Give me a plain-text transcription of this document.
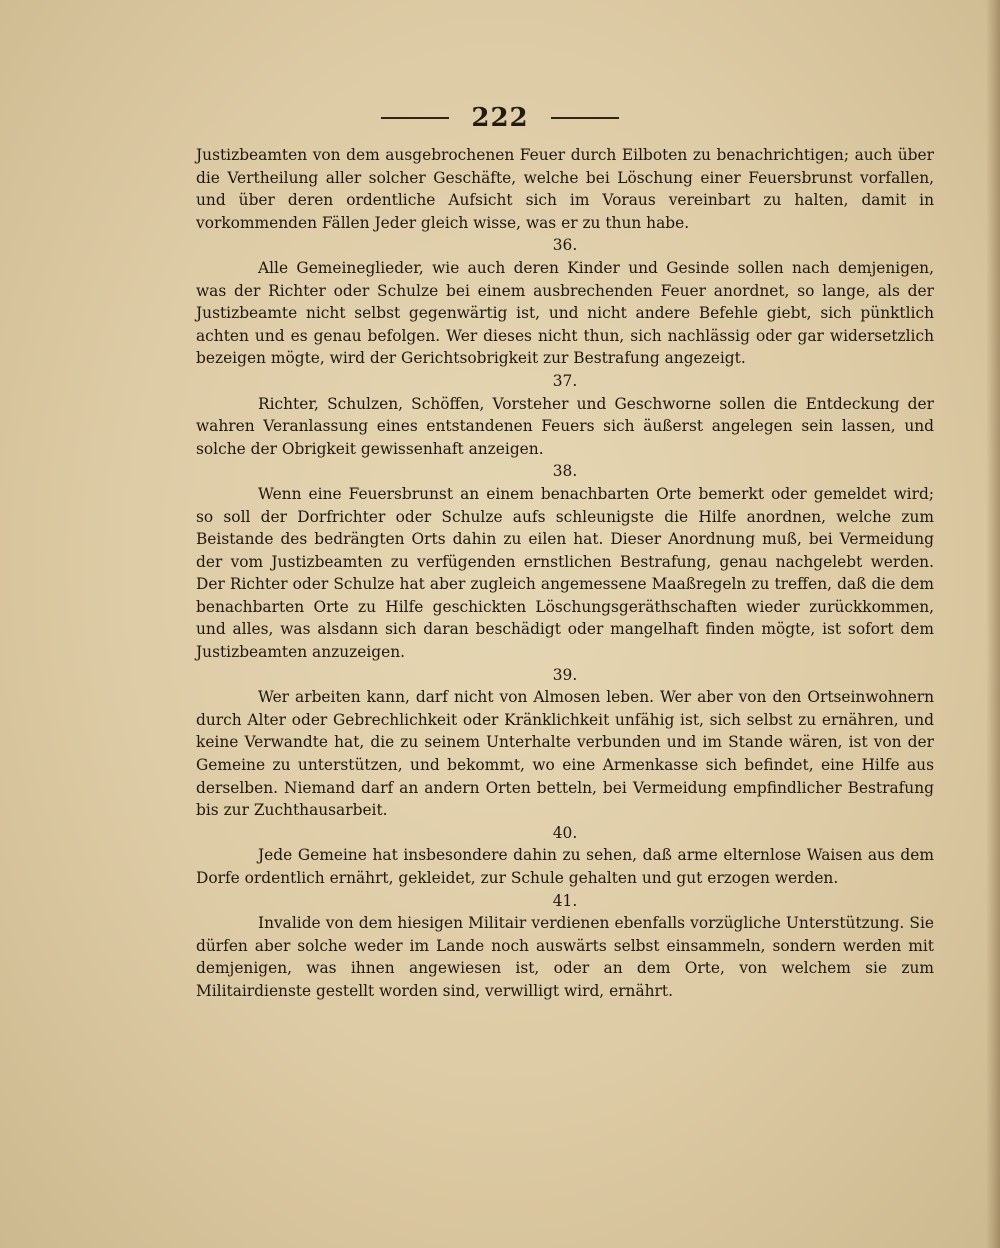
222

Justizbeamten von dem ausgebrochenen Feuer durch Eilboten zu benachrichtigen; auch über die Vertheilung aller solcher Geschäfte, welche bei Löschung einer Feuersbrunst vorfallen, und über deren ordentliche Aufsicht sich im Voraus vereinbart zu halten, damit in vorkommenden Fällen Jeder gleich wisse, was er zu thun habe.

36.

Alle Gemeineglieder, wie auch deren Kinder und Gesinde sollen nach demjenigen, was der Richter oder Schulze bei einem ausbrechenden Feuer anordnet, so lange, als der Justizbeamte nicht selbst gegenwärtig ist, und nicht andere Befehle giebt, sich pünktlich achten und es genau befolgen. Wer dieses nicht thun, sich nachlässig oder gar widersetzlich bezeigen mögte, wird der Gerichtsobrigkeit zur Bestrafung angezeigt.

37.

Richter, Schulzen, Schöffen, Vorsteher und Geschworne sollen die Entdeckung der wahren Veranlassung eines entstandenen Feuers sich äußerst angelegen sein lassen, und solche der Obrigkeit gewissenhaft anzeigen.

38.

Wenn eine Feuersbrunst an einem benachbarten Orte bemerkt oder gemeldet wird; so soll der Dorfrichter oder Schulze aufs schleunigste die Hilfe anordnen, welche zum Beistande des bedrängten Orts dahin zu eilen hat. Dieser Anordnung muß, bei Vermeidung der vom Justizbeamten zu verfügenden ernstlichen Bestrafung, genau nachgelebt werden. Der Richter oder Schulze hat aber zugleich angemessene Maaßregeln zu treffen, daß die dem benachbarten Orte zu Hilfe geschickten Löschungsgeräthschaften wieder zurückkommen, und alles, was alsdann sich daran beschädigt oder mangelhaft finden mögte, ist sofort dem Justizbeamten anzuzeigen.

39.

Wer arbeiten kann, darf nicht von Almosen leben. Wer aber von den Ortseinwohnern durch Alter oder Gebrechlichkeit oder Kränklichkeit unfähig ist, sich selbst zu ernähren, und keine Verwandte hat, die zu seinem Unterhalte verbunden und im Stande wären, ist von der Gemeine zu unterstützen, und bekommt, wo eine Armenkasse sich befindet, eine Hilfe aus derselben. Niemand darf an andern Orten betteln, bei Vermeidung empfindlicher Bestrafung bis zur Zuchthausarbeit.

40.

Jede Gemeine hat insbesondere dahin zu sehen, daß arme elternlose Waisen aus dem Dorfe ordentlich ernährt, gekleidet, zur Schule gehalten und gut erzogen werden.

41.

Invalide von dem hiesigen Militair verdienen ebenfalls vorzügliche Unterstützung. Sie dürfen aber solche weder im Lande noch auswärts selbst einsammeln, sondern werden mit demjenigen, was ihnen angewiesen ist, oder an dem Orte, von welchem sie zum Militairdienste gestellt worden sind, verwilligt wird, ernährt.
